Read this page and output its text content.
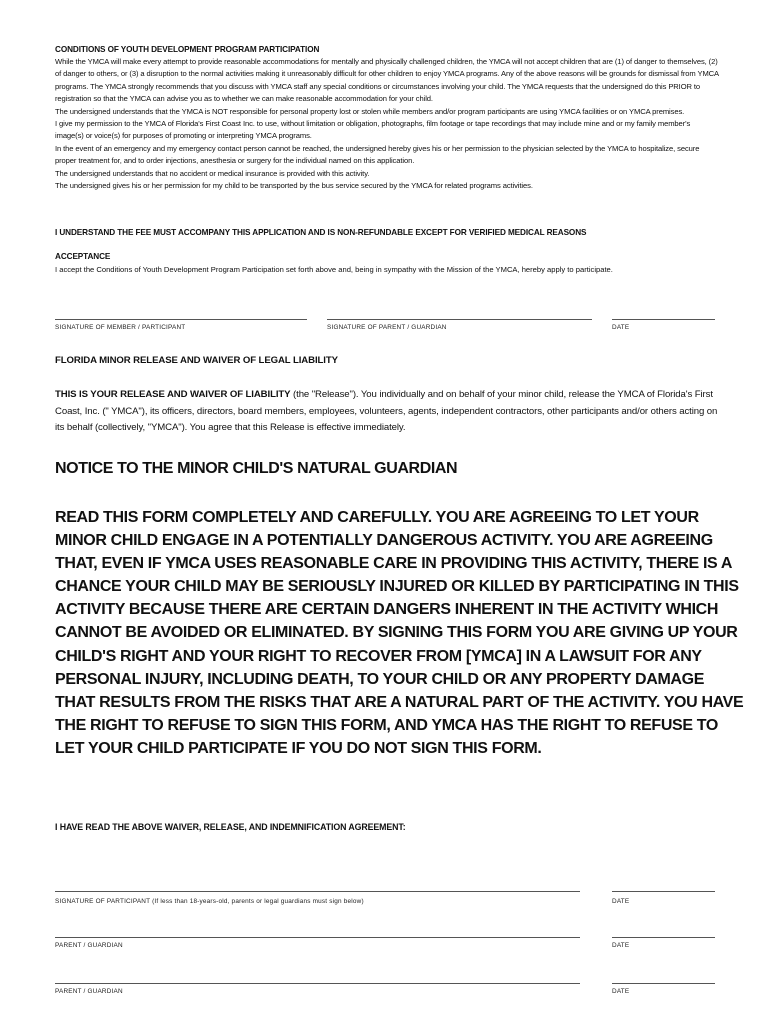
CONDITIONS OF YOUTH DEVELOPMENT PROGRAM PARTICIPATION

While the YMCA will make every attempt to provide reasonable accommodations for mentally and physically challenged children, the YMCA will not accept children that are (1) of danger to themselves, (2) of danger to others, or (3) a disruption to the normal activities making it unreasonably difficult for other children to enjoy YMCA programs. Any of the above reasons will be grounds for dismissal from YMCA programs. The YMCA strongly recommends that you discuss with YMCA staff any special conditions or circumstances involving your child. The YMCA requests that the undersigned do this PRIOR to registration so that the YMCA can advise you as to whether we can make reasonable accommodation for your child.

The undersigned understands that the YMCA is NOT responsible for personal property lost or stolen while members and/or program participants are using YMCA facilities or on YMCA premises.

I give my permission to the YMCA of Florida's First Coast Inc. to use, without limitation or obligation, photographs, film footage or tape recordings that may include mine and or my family member's image(s) or voice(s) for purposes of promoting or interpreting YMCA programs.

In the event of an emergency and my emergency contact person cannot be reached, the undersigned hereby gives his or her permission to the physician selected by the YMCA to hospitalize, secure proper treatment for, and to order injections, anesthesia or surgery for the individual named on this application.

The undersigned understands that no accident or medical insurance is provided with this activity.

The undersigned gives his or her permission for my child to be transported by the bus service secured by the YMCA for related programs activities.

I UNDERSTAND THE FEE MUST ACCOMPANY THIS APPLICATION AND IS NON-REFUNDABLE EXCEPT FOR VERIFIED MEDICAL REASONS
ACCEPTANCE
I accept the Conditions of Youth Development Program Participation set forth above and, being in sympathy with the Mission of the YMCA, hereby apply to participate.
SIGNATURE OF MEMBER / PARTICIPANT	SIGNATURE OF PARENT / GUARDIAN	DATE
FLORIDA MINOR RELEASE AND WAIVER OF LEGAL LIABILITY
THIS IS YOUR RELEASE AND WAIVER OF LIABILITY (the "Release"). You individually and on behalf of your minor child, release the YMCA of Florida's First Coast, Inc. (" YMCA"), its officers, directors, board members, employees, volunteers, agents, independent contractors, other participants and/or others acting on its behalf (collectively, "YMCA"). You agree that this Release is effective immediately.
NOTICE TO THE MINOR CHILD'S NATURAL GUARDIAN
READ THIS FORM COMPLETELY AND CAREFULLY. YOU ARE AGREEING TO LET YOUR MINOR CHILD ENGAGE IN A POTENTIALLY DANGEROUS ACTIVITY. YOU ARE AGREEING THAT, EVEN IF YMCA USES REASONABLE CARE IN PROVIDING THIS ACTIVITY, THERE IS A CHANCE YOUR CHILD MAY BE SERIOUSLY INJURED OR KILLED BY PARTICIPATING IN THIS ACTIVITY BECAUSE THERE ARE CERTAIN DANGERS INHERENT IN THE ACTIVITY WHICH CANNOT BE AVOIDED OR ELIMINATED. BY SIGNING THIS FORM YOU ARE GIVING UP YOUR CHILD'S RIGHT AND YOUR RIGHT TO RECOVER FROM [YMCA] IN A LAWSUIT FOR ANY PERSONAL INJURY, INCLUDING DEATH, TO YOUR CHILD OR ANY PROPERTY DAMAGE THAT RESULTS FROM THE RISKS THAT ARE A NATURAL PART OF THE ACTIVITY. YOU HAVE THE RIGHT TO REFUSE TO SIGN THIS FORM, AND YMCA HAS THE RIGHT TO REFUSE TO LET YOUR CHILD PARTICIPATE IF YOU DO NOT SIGN THIS FORM.
I HAVE READ THE ABOVE WAIVER, RELEASE, AND INDEMNIFICATION AGREEMENT:
SIGNATURE OF PARTICIPANT (If less than 18-years-old, parents or legal guardians must sign below)	DATE
PARENT / GUARDIAN	DATE
PARENT / GUARDIAN	DATE
